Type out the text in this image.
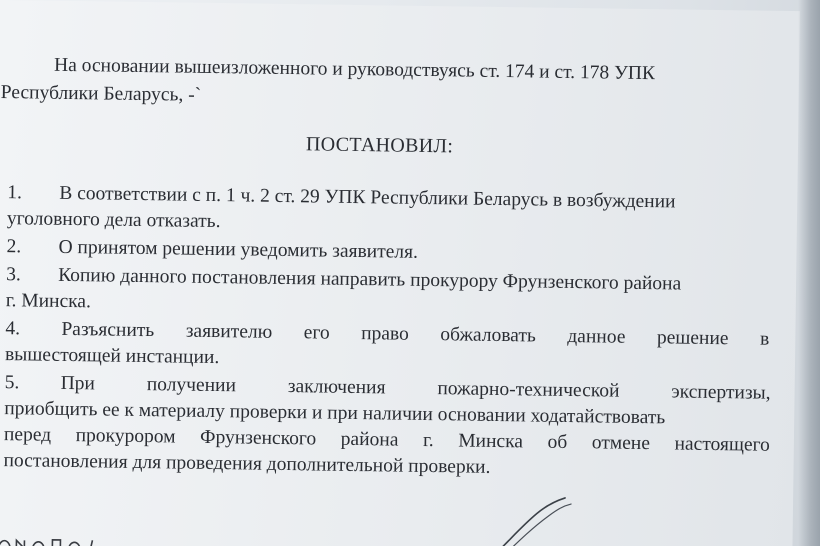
На основании вышеизложенного и руководствуясь ст. 174 и ст. 178 УПК
Республики Беларусь, -`
ПОСТАНОВИЛ:
1. В соответствии с п. 1 ч. 2 ст. 29 УПК Республики Беларусь в возбуждении
уголовного дела отказать.
2. О принятом решении уведомить заявителя.
3. Копию данного постановления направить прокурору Фрунзенского района
г. Минска.
4. Разъяснить заявителю его право обжаловать данное решение в
вышестоящей инстанции.
5. При	получении	заключения	пожарно-технической	экспертизы,
приобщить ее к материалу проверки и при наличии основании ходатайствовать
перед прокурором Фрунзенского района г. Минска об отмене настоящего
постановления для проведения дополнительной проверки.
